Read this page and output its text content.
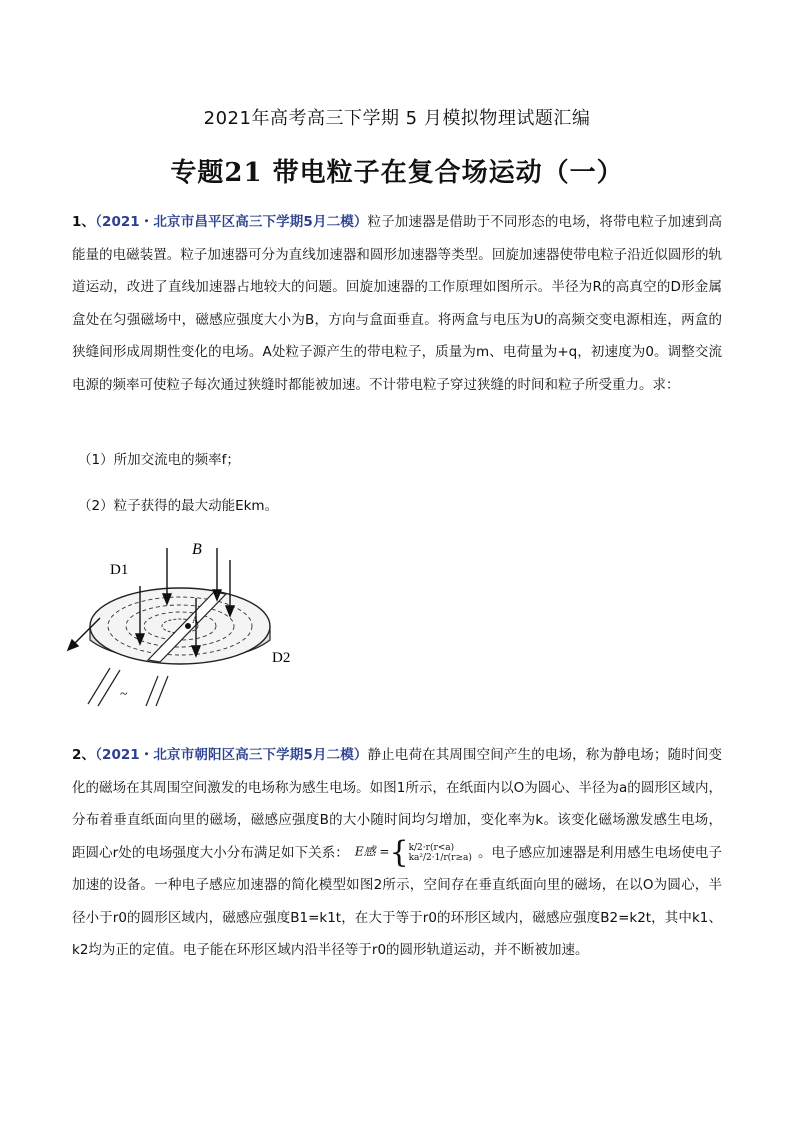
2021年高考高三下学期 5 月模拟物理试题汇编
专题21 带电粒子在复合场运动（一）
1、（2021・北京市昌平区高三下学期5月二模）粒子加速器是借助于不同形态的电场，将带电粒子加速到高能量的电磁装置。粒子加速器可分为直线加速器和圆形加速器等类型。回旋加速器使带电粒子沿近似圆形的轨道运动，改进了直线加速器占地较大的问题。回旋加速器的工作原理如图所示。半径为R的高真空的D形金属盒处在匀强磁场中，磁感应强度大小为B，方向与盒面垂直。将两盒与电压为U的高频交变电源相连，两盒的狭缝间形成周期性变化的电场。A处粒子源产生的带电粒子，质量为m、电荷量为+q，初速度为0。调整交流电源的频率可使粒子每次通过狭缝时都能被加速。不计带电粒子穿过狭缝的时间和粒子所受重力。求：
（1）所加交流电的频率f；
（2）粒子获得的最大动能Ekm。
B
D1
D2
A
~
2、（2021・北京市朝阳区高三下学期5月二模）静止电荷在其周围空间产生的电场，称为静电场；随时间变化的磁场在其周围空间激发的电场称为感生电场。如图1所示，在纸面内以O为圆心、半径为a的圆形区域内，分布着垂直纸面向里的磁场，磁感应强度B的大小随时间均匀增加，变化率为k。该变化磁场激发感生电场，距圆心r处的电场强度大小分布满足如下关系： E感 ={k/2·r(r<a)
ka²/2·1/r(r≥a) 。电子感应加速器是利用感生电场使电子加速的设备。一种电子感应加速器的简化模型如图2所示，空间存在垂直纸面向里的磁场，在以O为圆心，半径小于r0的圆形区域内，磁感应强度B1=k1t，在大于等于r0的环形区域内，磁感应强度B2=k2t，其中k1、k2均为正的定值。电子能在环形区域内沿半径等于r0的圆形轨道运动，并不断被加速。
